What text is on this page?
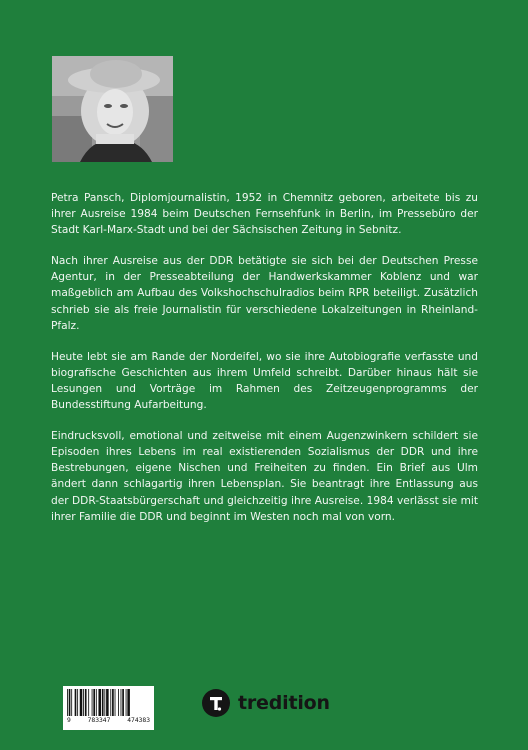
Petra Pansch, Diplomjournalistin, 1952 in Chemnitz geboren, arbeitete bis zu ihrer Ausreise 1984 beim Deutschen Fernsehfunk in Berlin, im Pressebüro der Stadt Karl-Marx-Stadt und bei der Sächsischen Zeitung in Sebnitz.

Nach ihrer Ausreise aus der DDR betätigte sie sich bei der Deutschen Presse Agentur, in der Presseabteilung der Handwerkskammer Koblenz und war maßgeblich am Aufbau des Volkshochschulradios beim RPR beteiligt. Zusätzlich schrieb sie als freie Journalistin für verschiedene Lokalzeitungen in Rheinland-Pfalz.

Heute lebt sie am Rande der Nordeifel, wo sie ihre Autobiografie verfasste und biografische Geschichten aus ihrem Umfeld schreibt. Darüber hinaus hält sie Lesungen und Vorträge im Rahmen des Zeitzeugenprogramms der Bundesstiftung Aufarbeitung.

Eindrucksvoll, emotional und zeitweise mit einem Augenzwinkern schildert sie Episoden ihres Lebens im real existierenden Sozialismus der DDR und ihre Bestrebungen, eigene Nischen und Freiheiten zu finden. Ein Brief aus Ulm ändert dann schlagartig ihren Lebensplan. Sie beantragt ihre Entlassung aus der DDR-Staatsbürgerschaft und gleichzeitig ihre Ausreise. 1984 verlässt sie mit ihrer Familie die DDR und beginnt im Westen noch mal von vorn.

9	783347	474383
tredition
